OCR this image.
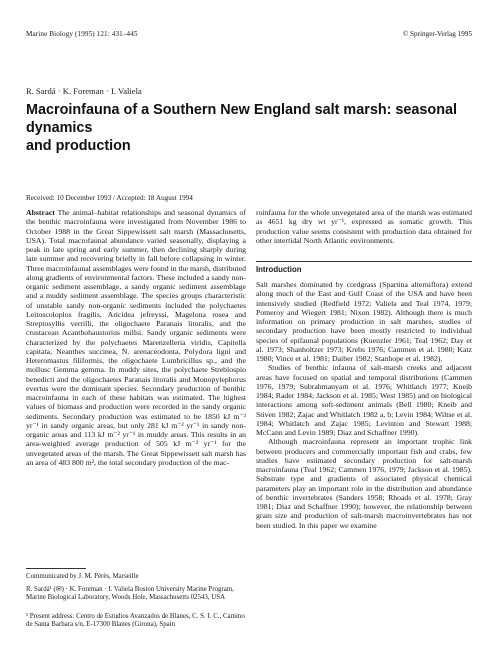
Marine Biology (1995) 121: 431–445	© Springer-Verlag 1995
R. Sardá · K. Foreman · I. Valiela
Macroinfauna of a Southern New England salt marsh: seasonal dynamics
and production
Received: 10 December 1993 / Accepted: 18 August 1994

Abstract The animal–habitat relationships and seasonal dynamics of the benthic macroinfauna were investigated from November 1986 to October 1988 in the Great Sippewissett salt marsh (Massachusetts, USA). Total macrofaunal abundance varied seasonally, displaying a peak in late spring and early summer, then declining sharply during late summer and recovering briefly in fall before collapsing in winter. Three macroinfaunal assemblages were found in the marsh, distributed along gradients of environmental factors. These included a sandy non-organic sediment assemblage, a sandy organic sediment assemblage and a muddy sediment assemblage. The species groups characteristic of unstable sandy non-organic sediments included the polychaetes Leitoscoloplos fragilis, Aricidea jefreyssi, Magelona rosea and Streptosyllis verrilli, the oligochaete Paranais litoralis, and the crustacean Acanthohaustorius millsi. Sandy organic sediments were characterized by the polychaetes Marenzelleria viridis, Capitella capitata, Neanthes succinea, N. arenaceodonta, Polydora ligni and Heteromastus filiformis, the oligochaete Lumbricillus sp., and the mollusc Gemma gemma. In muddy sites, the polychaete Streblospio benedicti and the oligochaetes Paranais litoralis and Monopylephorus evertus were the dominant species. Secondary production of benthic macroinfauna in each of these habitats was estimated. The highest values of biomass and production were recorded in the sandy organic sediments. Secondary production was estimated to be 1850 kJ m⁻² yr⁻¹ in sandy organic areas, but only 281 kJ m⁻² yr⁻¹ in sandy non-organic areas and 113 kJ m⁻² yr⁻¹ in muddy areas. This results in an area-weighted average production of 505 kJ m⁻² yr⁻¹ for the unvegetated areas of the marsh. The Great Sippewissett salt marsh has an area of 483 800 m², the total secondary production of the mac-

roinfauna for the whole unvegetated area of the marsh was estimated as 4651 kg dry wt yr⁻¹, expressed as somatic growth. This production value seems consistent with production data obtained for other intertidal North Atlantic environments.

Introduction

Salt marshes dominated by cordgrass (Spartina alterniflora) extend along much of the East and Gulf Coast of the USA and have been intensively studied (Redfield 1972; Valiela and Teal 1974, 1979; Pomeroy and Wiegert 1981; Nixon 1982). Although there is much information on primary production in salt marshes, studies of secondary production have been mostly restricted to individual species of epifaunal populations (Kuenzler 1961; Teal 1962; Day et al. 1973; Shanholtzer 1973; Krebs 1976; Cammen et al. 1980; Katz 1980; Vince et al. 1981; Daiber 1982; Stanhope et al. 1982).

Studies of benthic infauna of salt-marsh creeks and adjacent areas have focused on spatial and temporal distributions (Cammen 1976, 1979; Subrahmanyam et al. 1976; Whitlatch 1977; Kneib 1984; Rader 1984; Jackson et al. 1985; West 1985) and on biological interactions among soft-sediment animals (Bell 1980; Kneib and Stiven 1982; Zajac and Whitlatch 1982 a, b; Levin 1984; Wiltse et al. 1984; Whitlatch and Zajac 1985; Levinton and Stewart 1988; McCann and Levin 1989; Diaz and Schaffner 1990).

Although macroinfauna represent an important trophic link between producers and commercially important fish and crabs, few studies have estimated secondary production for salt-marsh macroinfauna (Teal 1962; Cammen 1976, 1979; Jackson et al. 1985). Substrate type and gradients of associated physical chemical parameters play an important role in the distribution and abundance of benthic invertebrates (Sanders 1958; Rhoads et al. 1978; Gray 1981; Diaz and Schaffner 1990); however, the relationship between grain size and production of salt-marsh macroinvertebrates has not been studied. In this paper we examine

Communicated by J. M. Pérès, Marseille
R. Sardá¹ (✉) · K. Foreman · I. Valiela Boston University Marine Program, Marine Biological Laboratory, Woods Hole, Massachusetts 02543, USA
¹ Present address: Centro de Estudios Avanzados de Blanes, C. S. I. C., Camino de Santa Barbara s/n, E-17300 Blanes (Girona), Spain
